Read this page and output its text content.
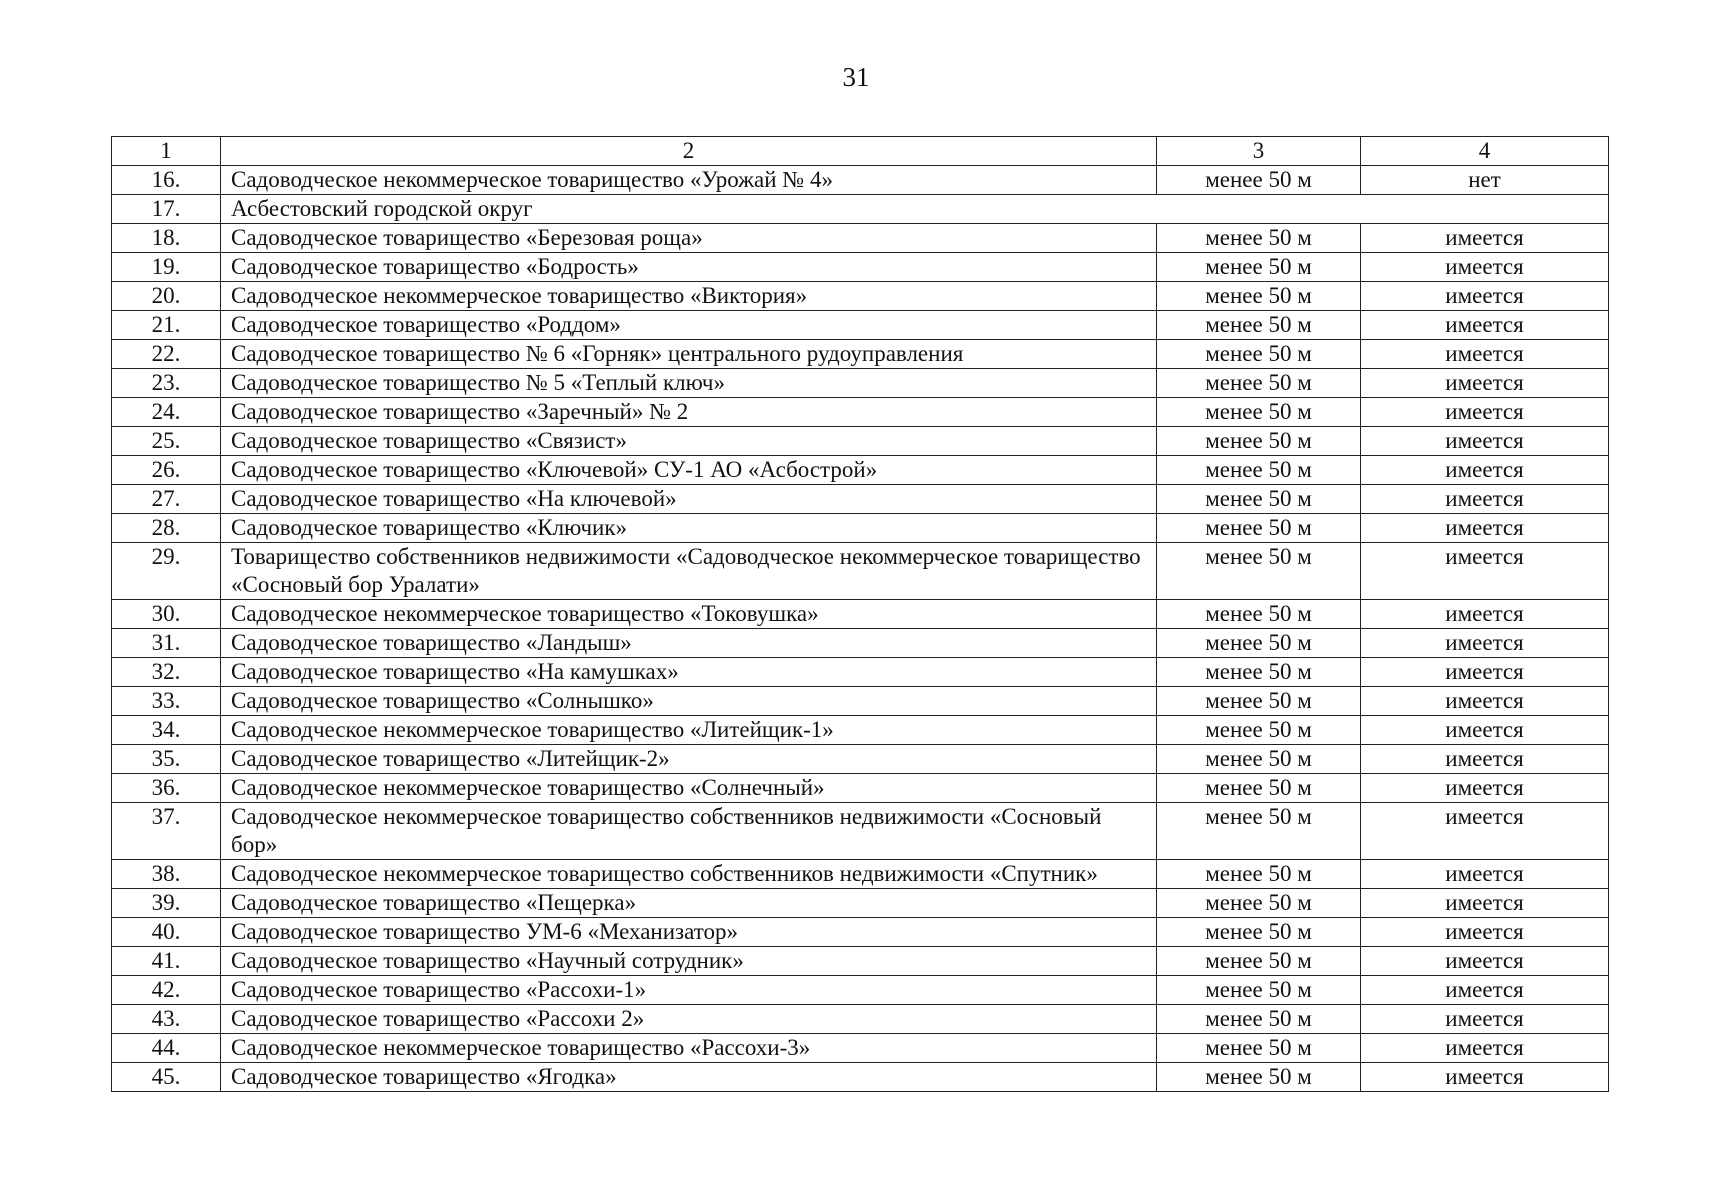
31
1	2	3	4
16.	Садоводческое некоммерческое товарищество «Урожай № 4»	менее 50 м	нет
17.	Асбестовский городской округ		
18.	Садоводческое товарищество «Березовая роща»	менее 50 м	имеется
19.	Садоводческое товарищество «Бодрость»	менее 50 м	имеется
20.	Садоводческое некоммерческое товарищество «Виктория»	менее 50 м	имеется
21.	Садоводческое товарищество «Роддом»	менее 50 м	имеется
22.	Садоводческое товарищество № 6 «Горняк» центрального рудоуправления	менее 50 м	имеется
23.	Садоводческое товарищество № 5 «Теплый ключ»	менее 50 м	имеется
24.	Садоводческое товарищество «Заречный» № 2	менее 50 м	имеется
25.	Садоводческое товарищество «Связист»	менее 50 м	имеется
26.	Садоводческое товарищество «Ключевой» СУ-1 АО «Асбострой»	менее 50 м	имеется
27.	Садоводческое товарищество «На ключевой»	менее 50 м	имеется
28.	Садоводческое товарищество «Ключик»	менее 50 м	имеется
29.	Товарищество собственников недвижимости «Садоводческое некоммерческое товарищество «Сосновый бор Уралати»	менее 50 м	имеется
30.	Садоводческое некоммерческое товарищество «Токовушка»	менее 50 м	имеется
31.	Садоводческое товарищество «Ландыш»	менее 50 м	имеется
32.	Садоводческое товарищество «На камушках»	менее 50 м	имеется
33.	Садоводческое товарищество «Солнышко»	менее 50 м	имеется
34.	Садоводческое некоммерческое товарищество «Литейщик-1»	менее 50 м	имеется
35.	Садоводческое товарищество «Литейщик-2»	менее 50 м	имеется
36.	Садоводческое некоммерческое товарищество «Солнечный»	менее 50 м	имеется
37.	Садоводческое некоммерческое товарищество собственников недвижимости «Сосновый бор»	менее 50 м	имеется
38.	Садоводческое некоммерческое товарищество собственников недвижимости «Спутник»	менее 50 м	имеется
39.	Садоводческое товарищество «Пещерка»	менее 50 м	имеется
40.	Садоводческое товарищество УМ-6 «Механизатор»	менее 50 м	имеется
41.	Садоводческое товарищество «Научный сотрудник»	менее 50 м	имеется
42.	Садоводческое товарищество «Рассохи-1»	менее 50 м	имеется
43.	Садоводческое товарищество «Рассохи 2»	менее 50 м	имеется
44.	Садоводческое некоммерческое товарищество «Рассохи-3»	менее 50 м	имеется
45.	Садоводческое товарищество «Ягодка»	менее 50 м	имеется
